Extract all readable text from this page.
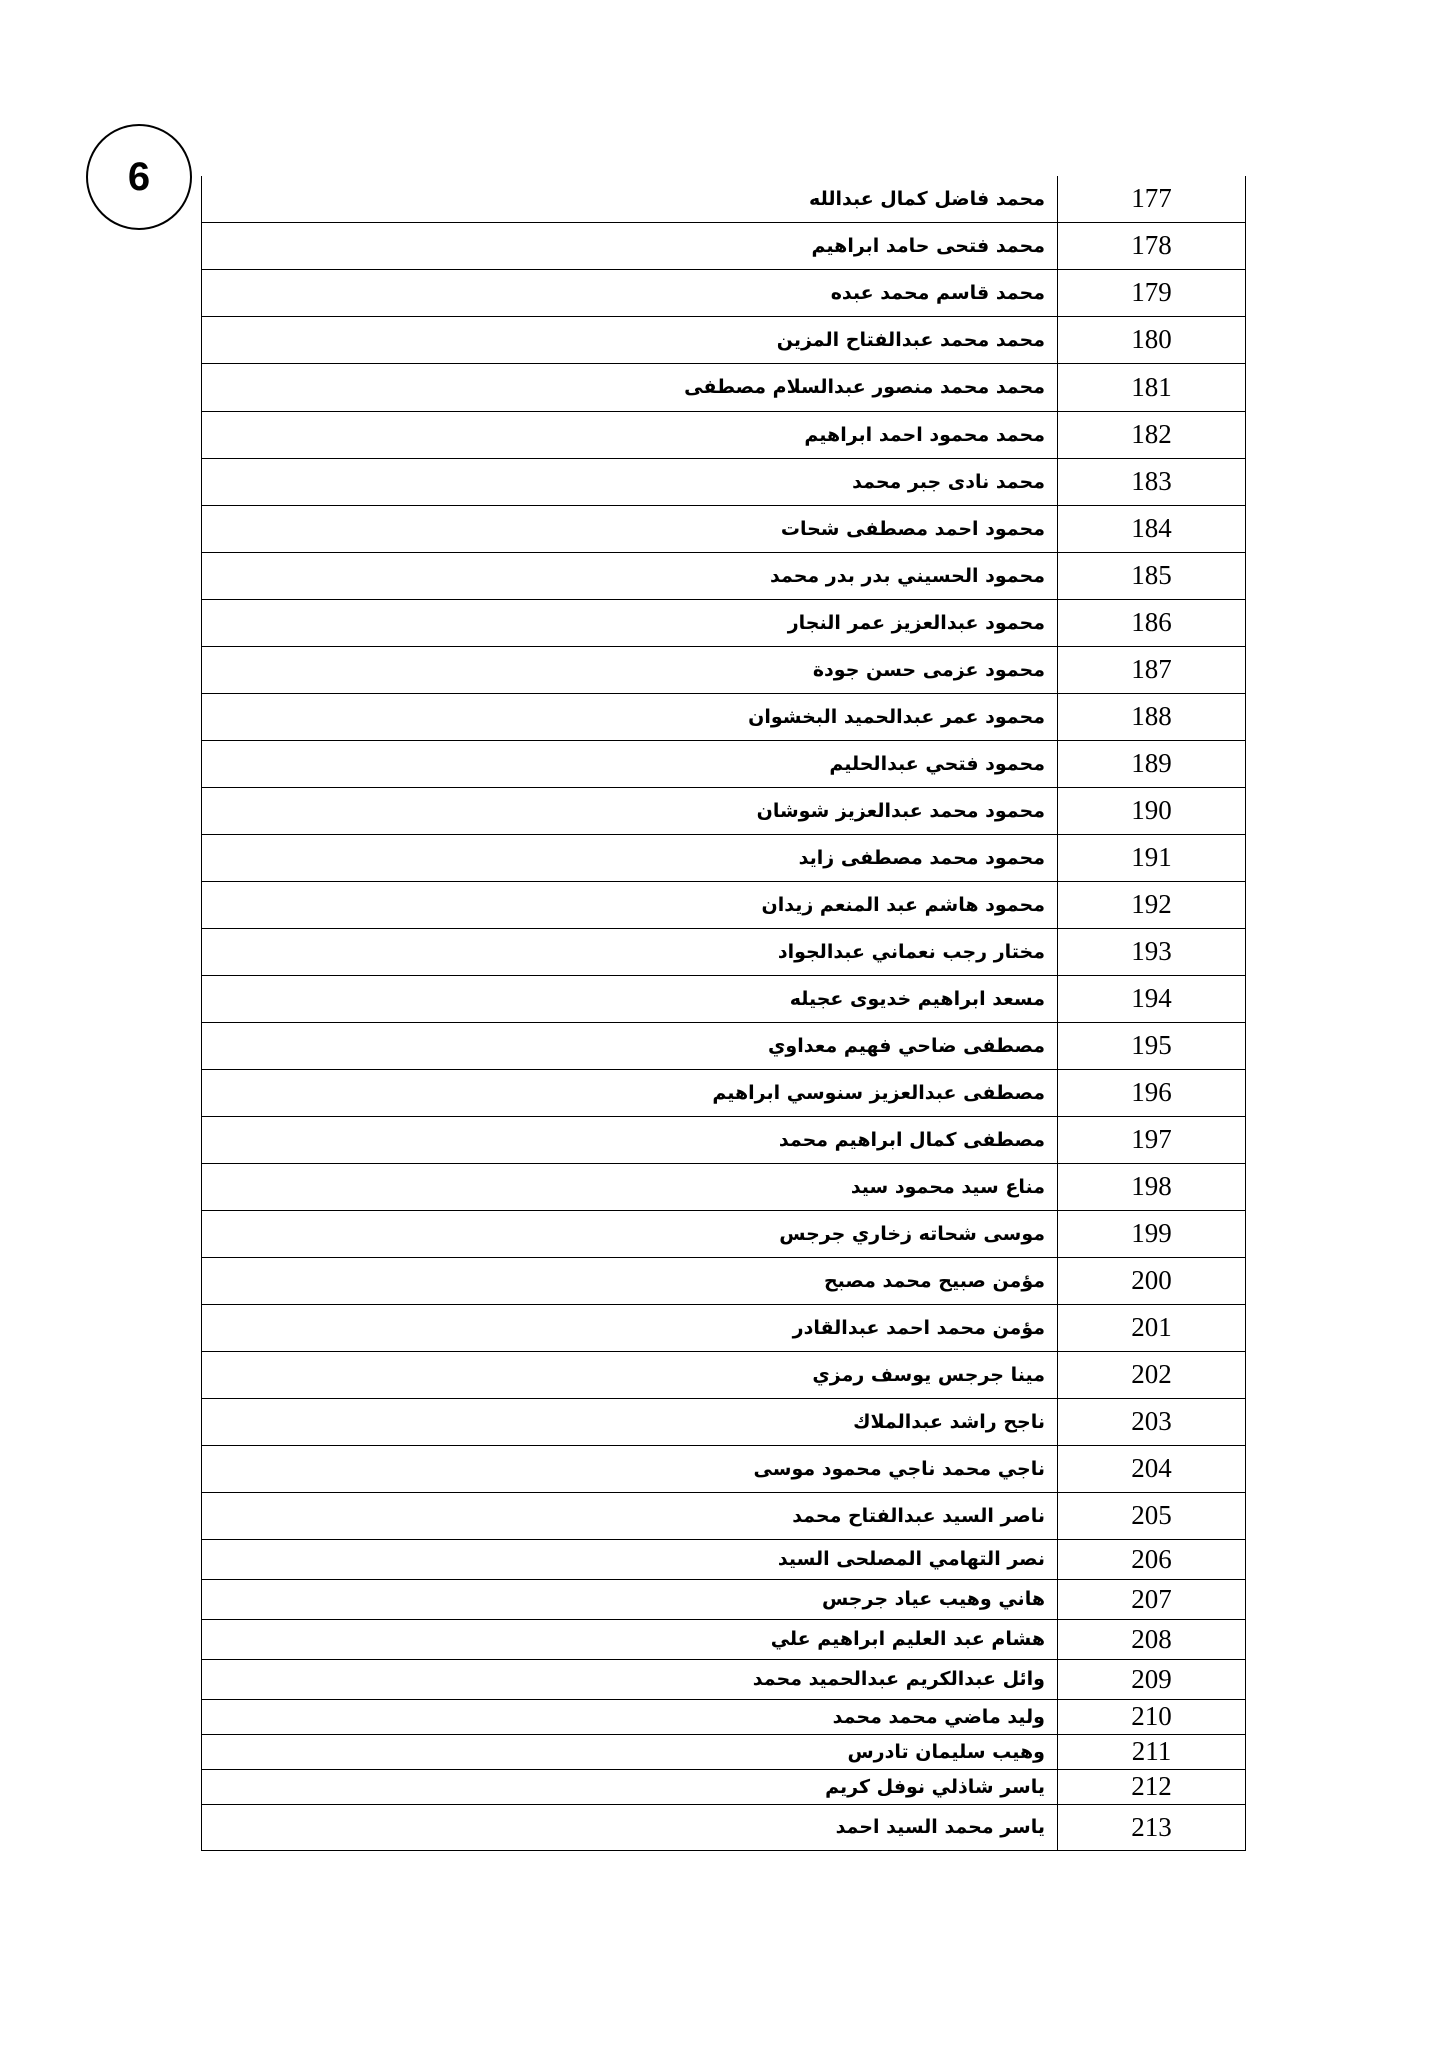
6
محمد فاضل كمال عبدالله	177
محمد فتحى حامد ابراهيم	178
محمد قاسم محمد عبده	179
محمد محمد عبدالفتاح المزين	180
محمد محمد منصور عبدالسلام مصطفى	181
محمد محمود احمد ابراهيم	182
محمد نادى جبر محمد	183
محمود احمد مصطفى شحات	184
محمود الحسيني بدر بدر محمد	185
محمود عبدالعزيز عمر النجار	186
محمود عزمى حسن جودة	187
محمود عمر عبدالحميد البخشوان	188
محمود فتحي عبدالحليم	189
محمود محمد عبدالعزيز شوشان	190
محمود محمد مصطفى زايد	191
محمود هاشم عبد المنعم زيدان	192
مختار رجب نعماني عبدالجواد	193
مسعد ابراهيم خديوى عجيله	194
مصطفى ضاحي فهيم معداوي	195
مصطفى عبدالعزيز سنوسي ابراهيم	196
مصطفى كمال ابراهيم محمد	197
مناع سيد محمود سيد	198
موسى شحاته زخاري جرجس	199
مؤمن صبيح محمد مصبح	200
مؤمن محمد احمد عبدالقادر	201
مينا جرجس يوسف رمزي	202
ناجح راشد عبدالملاك	203
ناجي محمد ناجي محمود موسى	204
ناصر السيد عبدالفتاح محمد	205
نصر التهامي المصلحى السيد	206
هاني وهيب عياد جرجس	207
هشام عبد العليم ابراهيم علي	208
وائل عبدالكريم عبدالحميد محمد	209
وليد ماضي محمد محمد	210
وهيب سليمان تادرس	211
ياسر شاذلي نوفل كريم	212
ياسر محمد السيد احمد	213
